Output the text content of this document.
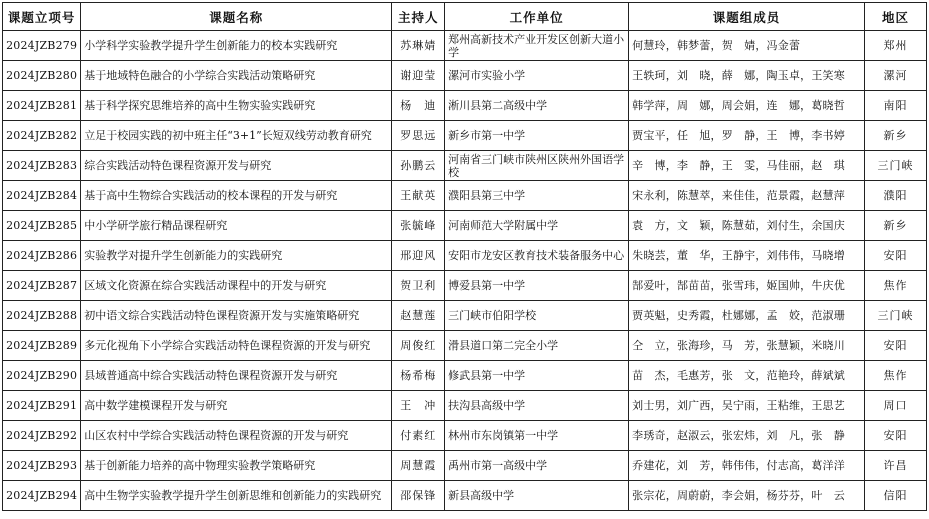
课题立项号	课题名称	主持人	工作单位	课题组成员	地区
2024JZB279	小学科学实验教学提升学生创新能力的校本实践研究	苏琳婧	郑州高新技术产业开发区创新大道小学	何慧玲，韩梦蕾，贺　婧，冯金蕾	郑州
2024JZB280	基于地域特色融合的小学综合实践活动策略研究	谢迎莹	漯河市实验小学	王轶珂，刘　晓，薛　娜，陶玉卓，王笑寒	漯河
2024JZB281	基于科学探究思维培养的高中生物实验实践研究	杨　迪	淅川县第二高级中学	韩学萍，周　娜，周会娟，连　娜，葛晓哲	南阳
2024JZB282	立足于校园实践的初中班主任“3+1”长短双线劳动教育研究	罗思远	新乡市第一中学	贾宝平，任　旭，罗　静，王　博，李书婷	新乡
2024JZB283	综合实践活动特色课程资源开发与研究	孙鹏云	河南省三门峡市陕州区陕州外国语学校	辛　博，李　静，王　雯，马佳丽，赵　琪	三门峡
2024JZB284	基于高中生物综合实践活动的校本课程的开发与研究	王献英	濮阳县第三中学	宋永利，陈慧萃，来佳佳，范景霞，赵慧萍	濮阳
2024JZB285	中小学研学旅行精品课程研究	张毓峰	河南师范大学附属中学	袁　方，文　颖，陈慧茹，刘付生，余国庆	新乡
2024JZB286	实验教学对提升学生创新能力的实践研究	邢迎风	安阳市龙安区教育技术装备服务中心	朱晓芸，董　华，王静宇，刘伟伟，马晓增	安阳
2024JZB287	区域文化资源在综合实践活动课程中的开发与研究	贺卫利	博爱县第一中学	郜爱叶，郜苗苗，张雪玮，姬国帅，牛庆优	焦作
2024JZB288	初中语文综合实践活动特色课程资源开发与实施策略研究	赵慧莲	三门峡市伯阳学校	贾英魁，史秀霞，杜娜娜，孟　姣，范淑珊	三门峡
2024JZB289	多元化视角下小学综合实践活动特色课程资源的开发与研究	周俊红	滑县道口第二完全小学	仝　立，张海珍，马　芳，张慧颖，米晓川	安阳
2024JZB290	县域普通高中综合实践活动特色课程资源开发与研究	杨希梅	修武县第一中学	苗　杰，毛惠芳，张　文，范艳玲，薛斌斌	焦作
2024JZB291	高中数学建模课程开发与研究	王　冲	扶沟县高级中学	刘士男，刘广西，吴宁雨，王粘维，王思艺	周口
2024JZB292	山区农村中学综合实践活动特色课程资源的开发与研究	付素红	林州市东岗镇第一中学	李琇奇，赵淑云，张宏炜，刘　凡，张　静	安阳
2024JZB293	基于创新能力培养的高中物理实验教学策略研究	周慧霞	禹州市第一高级中学	乔建花，刘　芳，韩伟伟，付志高，葛洋洋	许昌
2024JZB294	高中生物学实验教学提升学生创新思维和创新能力的实践研究	邵保锋	新县高级中学	张宗花，周蔚蔚，李会娟，杨芬芬，叶　云	信阳
